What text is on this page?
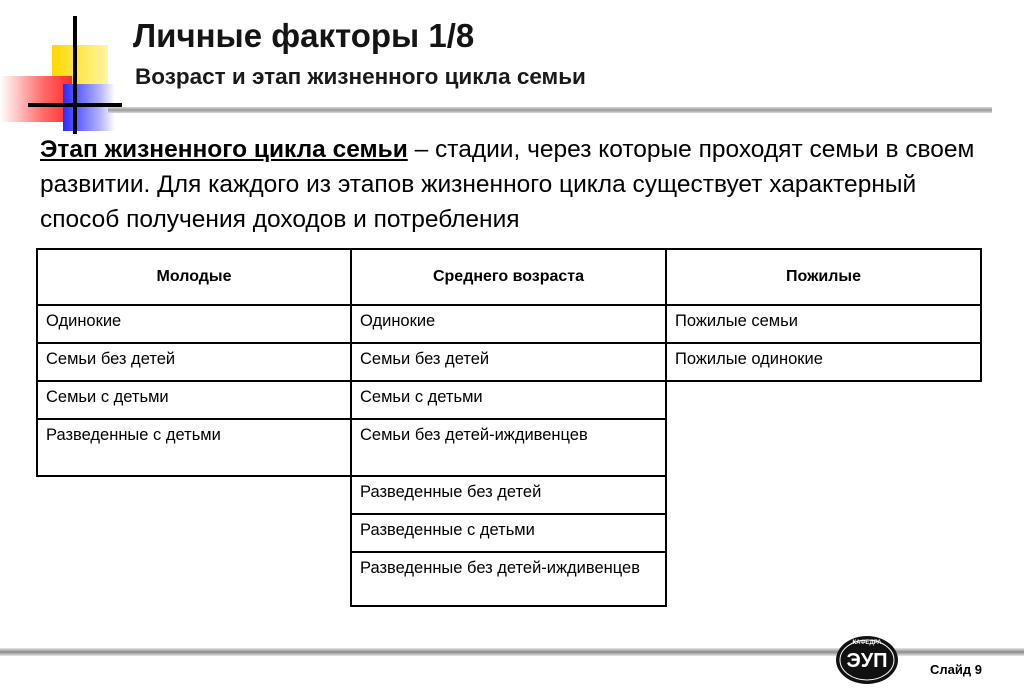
Личные факторы 1/8
Возраст и этап жизненного цикла семьи
Этап жизненного цикла семьи – стадии, через которые проходят семьи в своем развитии. Для каждого из этапов жизненного цикла существует характерный способ получения доходов и потребления
Молодые
Одинокие
Семьи без детей
Семьи с детьми
Разведенные с детьми
Среднего возраста
Одинокие
Семьи без детей
Семьи с детьми
Семьи без детей-иждивенцев
Разведенные без детей
Разведенные с детьми
Разведенные без детей-иждивенцев
Пожилые
Пожилые семьи
Пожилые одинокие
КАФЕДРА
ЭУП	Слайд 9
